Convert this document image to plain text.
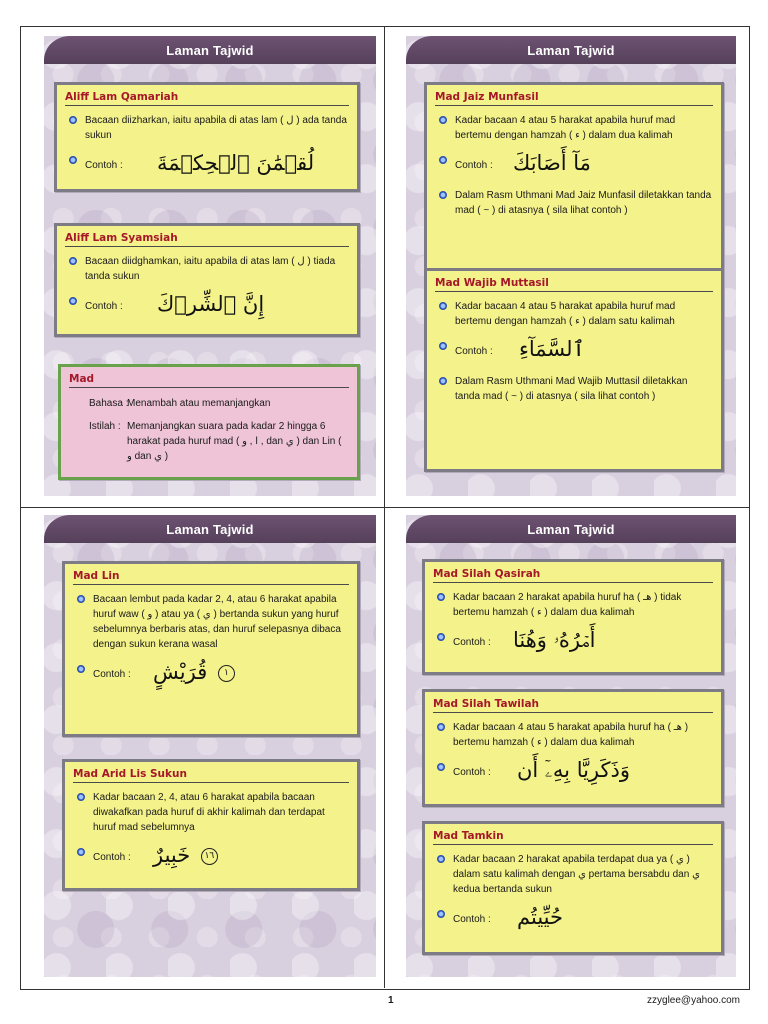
Laman Tajwid
Aliff Lam Qamariah
Bacaan diizharkan, iaitu apabila di atas lam ( ل ) ada tanda sukun
Contoh : لُقۡمَٰنَ ٱلۡحِكۡمَةَ
Aliff Lam Syamsiah
Bacaan diidghamkan, iaitu apabila di atas lam ( ل ) tiada tanda sukun
Contoh : إِنَّ ٱلشِّرۡكَ
Mad
Bahasa :
Menambah atau memanjangkan
Istilah : Memanjangkan suara pada kadar 2 hingga 6 harakat pada huruf mad ( ا , و , dan ي ) dan Lin ( و dan ي )
Laman Tajwid
Mad Jaiz Munfasil
Kadar bacaan 4 atau 5 harakat apabila huruf mad bertemu dengan hamzah ( ء ) dalam dua kalimah
Contoh : مَآ أَصَابَكَ
Dalam Rasm Uthmani Mad Jaiz Munfasil diletakkan tanda mad ( ~ ) di atasnya ( sila lihat contoh )
Mad Wajib Muttasil
Kadar bacaan 4 atau 5 harakat apabila huruf mad bertemu dengan hamzah ( ء ) dalam satu kalimah
Contoh : ٱلسَّمَآءِ
Dalam Rasm Uthmani Mad Wajib Muttasil diletakkan tanda mad ( ~ ) di atasnya ( sila lihat contoh )
Laman Tajwid
Mad Lin
Bacaan lembut pada kadar 2, 4, atau 6 harakat apabila huruf waw ( و ) atau ya ( ي ) bertanda sukun yang huruf sebelumnya berbaris atas, dan huruf selepasnya dibaca dengan sukun kerana wasal
Contoh :	١ قُرَيْشٍ
Mad Arid Lis Sukun
Kadar bacaan 2, 4, atau 6 harakat apabila bacaan diwakafkan pada huruf di akhir kalimah dan terdapat huruf mad sebelumnya
Contoh :	١٦ خَبِيرٌ
Laman Tajwid
Mad Silah Qasirah
Kadar bacaan 2 harakat apabila huruf ha ( هـ ) tidak bertemu hamzah ( ء ) dalam dua kalimah
Contoh : أَمۡرُهُۥ وَهُنَا
Mad Silah Tawilah
Kadar bacaan 4 atau 5 harakat apabila huruf ha ( هـ ) bertemu hamzah ( ء ) dalam dua kalimah
Contoh : وَذَكَرِيَّا بِهِۦٓ أَن
Mad Tamkin
Kadar bacaan 2 harakat apabila terdapat dua ya ( ي ) dalam satu kalimah dengan ي pertama bersabdu dan ي kedua bertanda sukun
Contoh : حُيِّيتُم
1	zzyglee@yahoo.com
